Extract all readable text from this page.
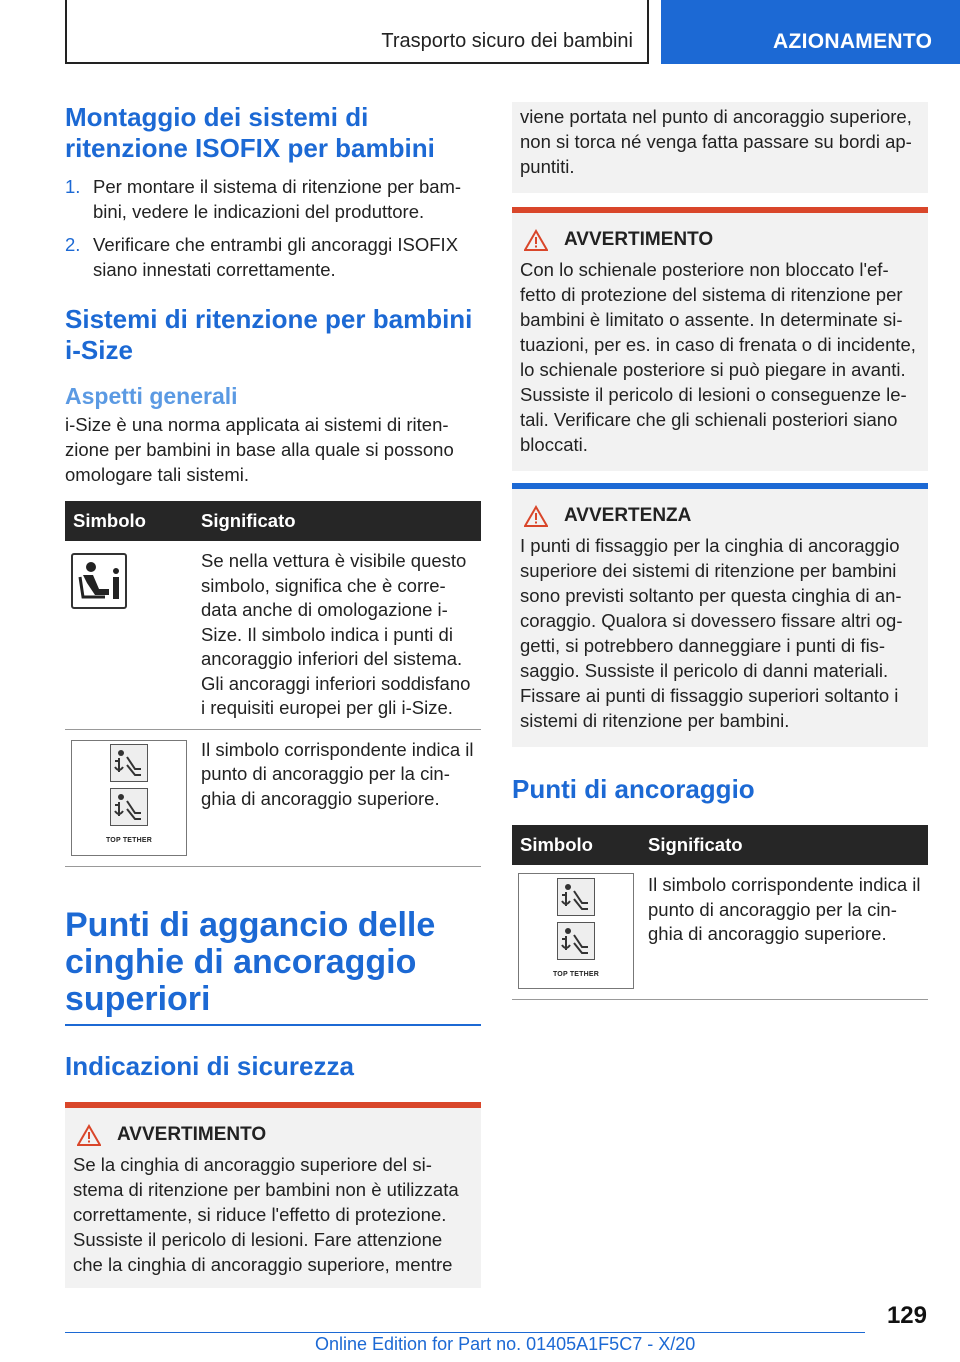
Trasporto sicuro dei bambini	AZIONAMENTO
Montaggio dei sistemi di ritenzione ISOFIX per bambini
1. Per montare il sistema di ritenzione per bam-bini, vedere le indicazioni del produttore.
2. Verificare che entrambi gli ancoraggi ISOFIX siano innestati correttamente.
Sistemi di ritenzione per bambini i-Size
Aspetti generali

i-Size è una norma applicata ai sistemi di riten-zione per bambini in base alla quale si possono omologare tali sistemi.

Simbolo	Significato

	Se nella vettura è visibile questo simbolo, significa che è corre-data anche di omologazione i-Size. Il simbolo indica i punti di ancoraggio inferiori del sistema. Gli ancoraggi inferiori soddisfano i requisiti europei per gli i-Size.

TOP TETHER	Il simbolo corrispondente indica il punto di ancoraggio per la cin-ghia di ancoraggio superiore.
Punti di aggancio delle cinghie di ancoraggio superiori
Indicazioni di sicurezza
AVVERTIMENTO

Se la cinghia di ancoraggio superiore del si-stema di ritenzione per bambini non è utilizzata correttamente, si riduce l'effetto di protezione. Sussiste il pericolo di lesioni. Fare attenzione che la cinghia di ancoraggio superiore, mentre

viene portata nel punto di ancoraggio superiore, non si torca né venga fatta passare su bordi ap-puntiti.

AVVERTIMENTO

Con lo schienale posteriore non bloccato l'ef-fetto di protezione del sistema di ritenzione per bambini è limitato o assente. In determinate si-tuazioni, per es. in caso di frenata o di incidente, lo schienale posteriore si può piegare in avanti. Sussiste il pericolo di lesioni o conseguenze le-tali. Verificare che gli schienali posteriori siano bloccati.

AVVERTENZA

I punti di fissaggio per la cinghia di ancoraggio superiore dei sistemi di ritenzione per bambini sono previsti soltanto per questa cinghia di an-coraggio. Qualora si dovessero fissare altri og-getti, si potrebbero danneggiare i punti di fis-saggio. Sussiste il pericolo di danni materiali. Fissare ai punti di fissaggio superiori soltanto i sistemi di ritenzione per bambini.

Punti di ancoraggio
Simbolo	Significato

TOP TETHER	Il simbolo corrispondente indica il punto di ancoraggio per la cin-ghia di ancoraggio superiore.
129
Online Edition for Part no. 01405A1F5C7 - X/20
